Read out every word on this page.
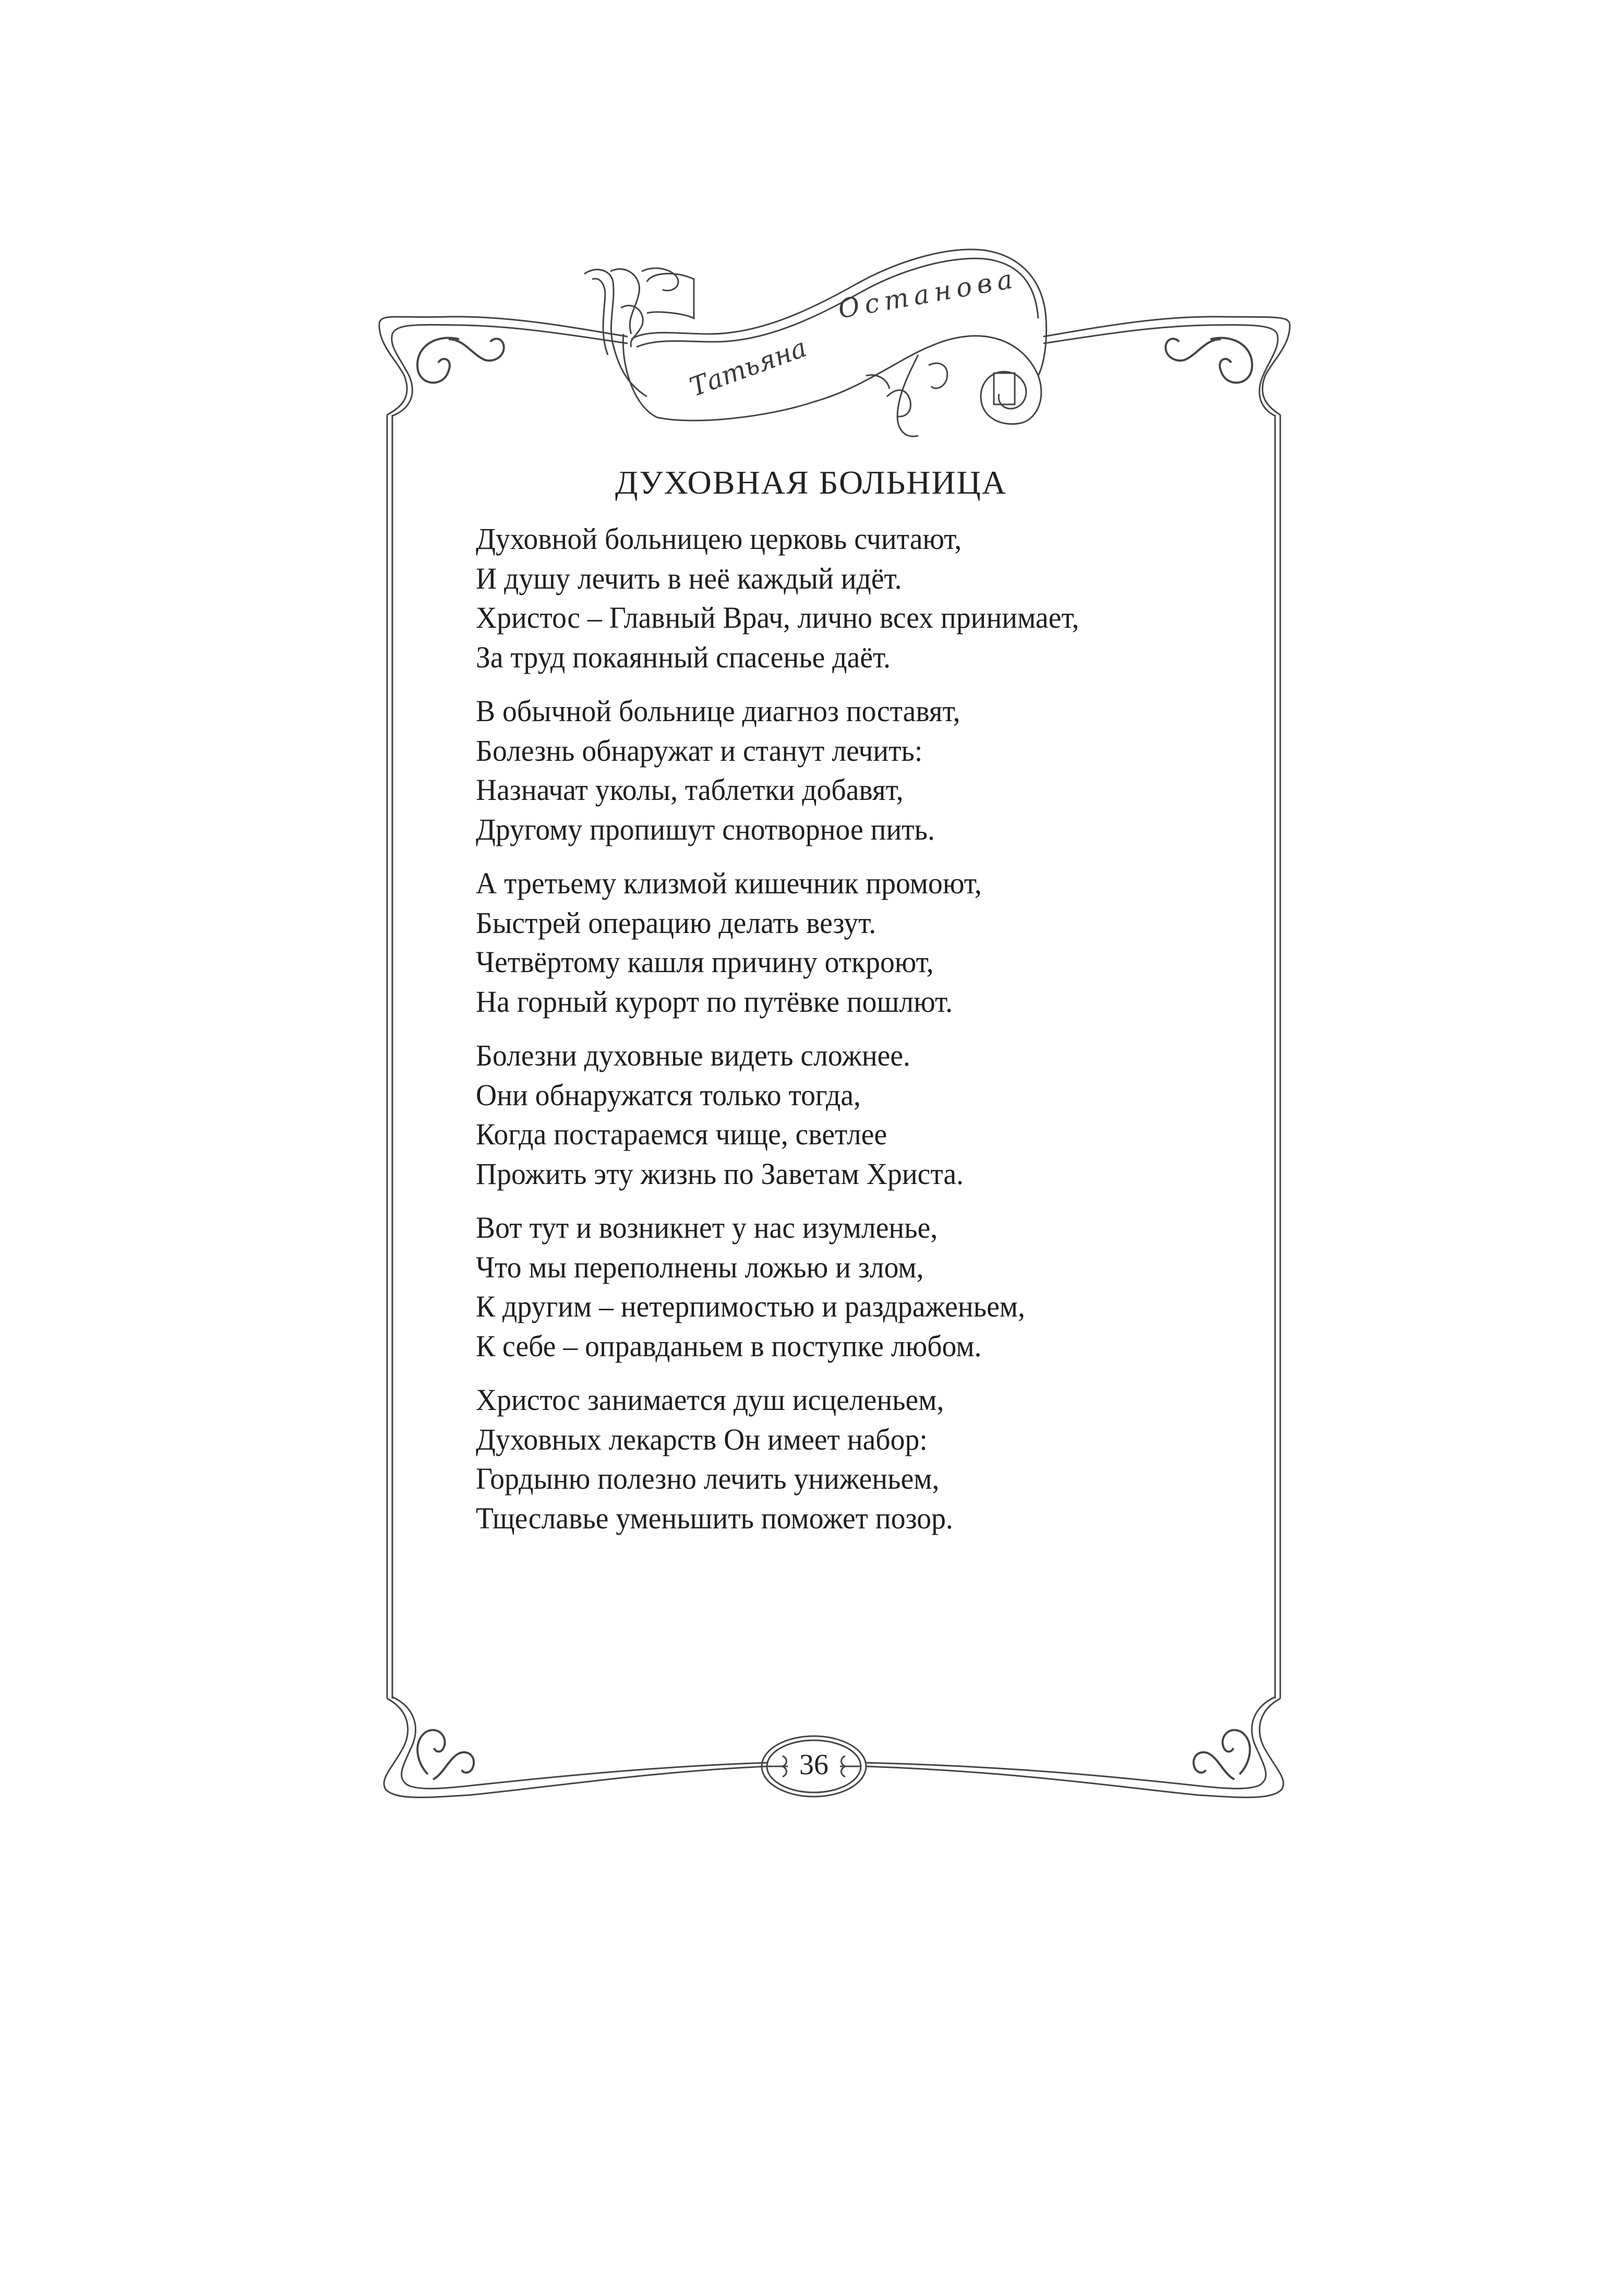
Татьяна
Останова
ДУХОВНАЯ БОЛЬНИЦА
Духовной больницею церковь считают,
И душу лечить в неё каждый идёт.
Христос – Главный Врач, лично всех принимает,
За труд покаянный спасенье даёт.
В обычной больнице диагноз поставят,
Болезнь обнаружат и станут лечить:
Назначат уколы, таблетки добавят,
Другому пропишут снотворное пить.
А третьему клизмой кишечник промоют,
Быстрей операцию делать везут.
Четвёртому кашля причину откроют,
На горный курорт по путёвке пошлют.
Болезни духовные видеть сложнее.
Они обнаружатся только тогда,
Когда постараемся чище, светлее
Прожить эту жизнь по Заветам Христа.
Вот тут и возникнет у нас изумленье,
Что мы переполнены ложью и злом,
К другим – нетерпимостью и раздраженьем,
К себе – оправданьем в поступке любом.
Христос занимается душ исцеленьем,
Духовных лекарств Он имеет набор:
Гордыню полезно лечить униженьем,
Тщеславье уменьшить поможет позор.
36
